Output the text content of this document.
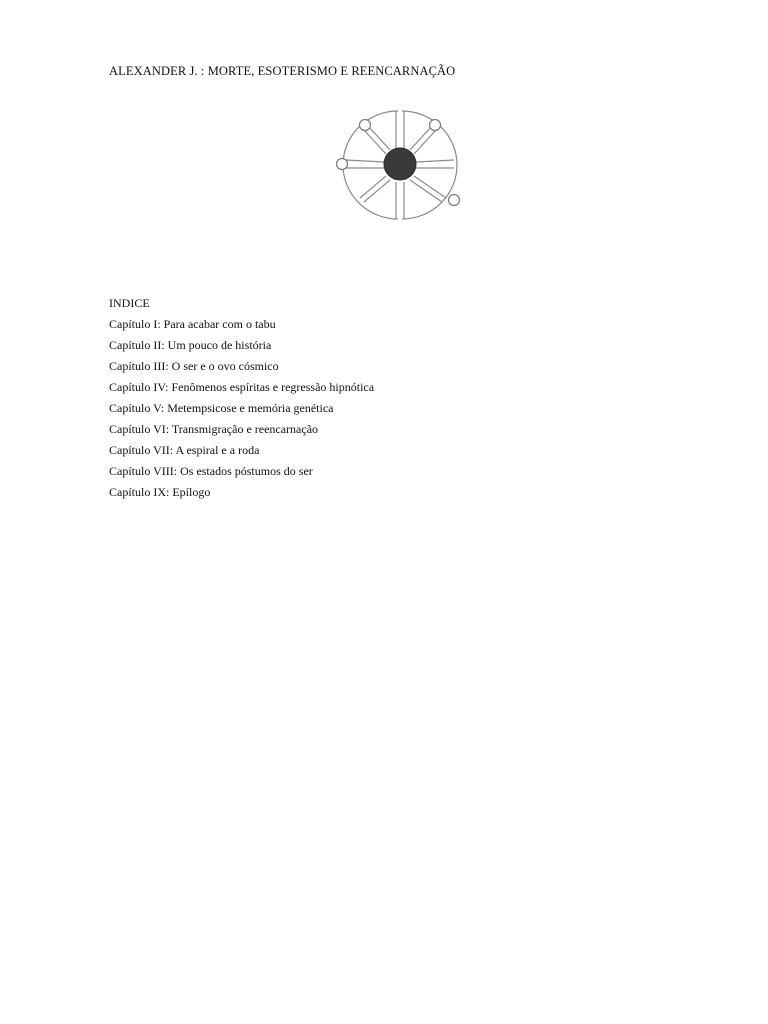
ALEXANDER J. : MORTE, ESOTERISMO E REENCARNAÇÃO
INDICE
Capítulo I: Para acabar com o tabu
Capítulo II: Um pouco de história
Capítulo III: O ser e o ovo cósmico
Capítulo IV: Fenômenos espíritas e regressão hipnótica
Capítulo V: Metempsicose e memória genética
Capítulo VI: Transmigração e reencarnação
Capítulo VII: A espiral e a roda
Capítulo VIII: Os estados póstumos do ser
Capítulo IX: Epílogo
